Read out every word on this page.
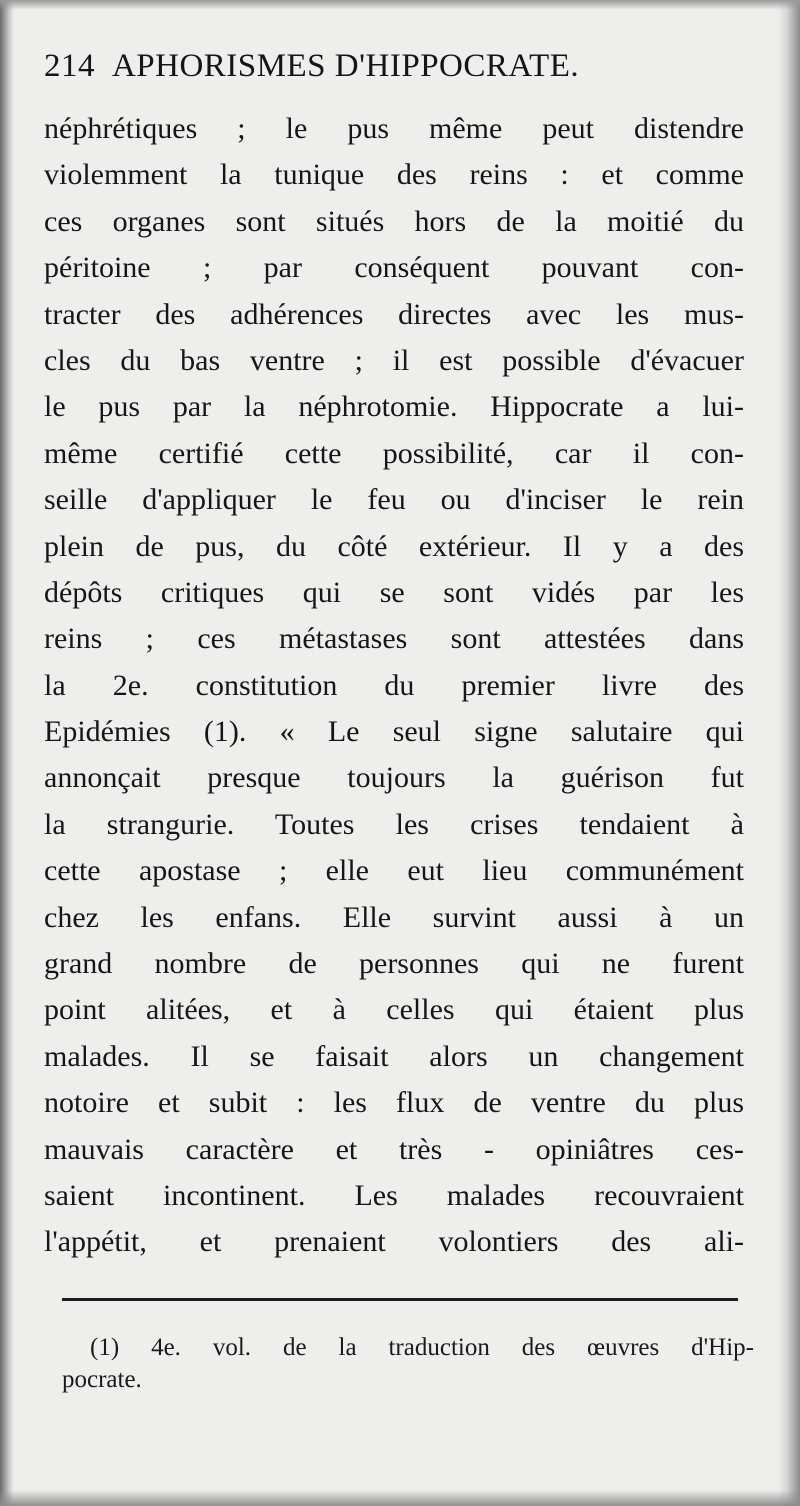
214 APHORISMES D'HIPPOCRATE.
néphrétiques ; le pus même peut distendre
violemment la tunique des reins : et comme
ces organes sont situés hors de la moitié du
péritoine ; par conséquent pouvant con-
tracter des adhérences directes avec les mus-
cles du bas ventre ; il est possible d'évacuer
le pus par la néphrotomie. Hippocrate a lui-
même certifié cette possibilité, car il con-
seille d'appliquer le feu ou d'inciser le rein
plein de pus, du côté extérieur. Il y a des
dépôts critiques qui se sont vidés par les
reins ; ces métastases sont attestées dans
la 2e. constitution du premier livre des
Epidémies (1). « Le seul signe salutaire qui
annonçait presque toujours la guérison fut
la strangurie. Toutes les crises tendaient à
cette apostase ; elle eut lieu communément
chez les enfans. Elle survint aussi à un
grand nombre de personnes qui ne furent
point alitées, et à celles qui étaient plus
malades. Il se faisait alors un changement
notoire et subit : les flux de ventre du plus
mauvais caractère et très - opiniâtres ces-
saient incontinent. Les malades recouvraient
l'appétit, et prenaient volontiers des ali-
(1) 4e. vol. de la traduction des œuvres d'Hip-
pocrate.
